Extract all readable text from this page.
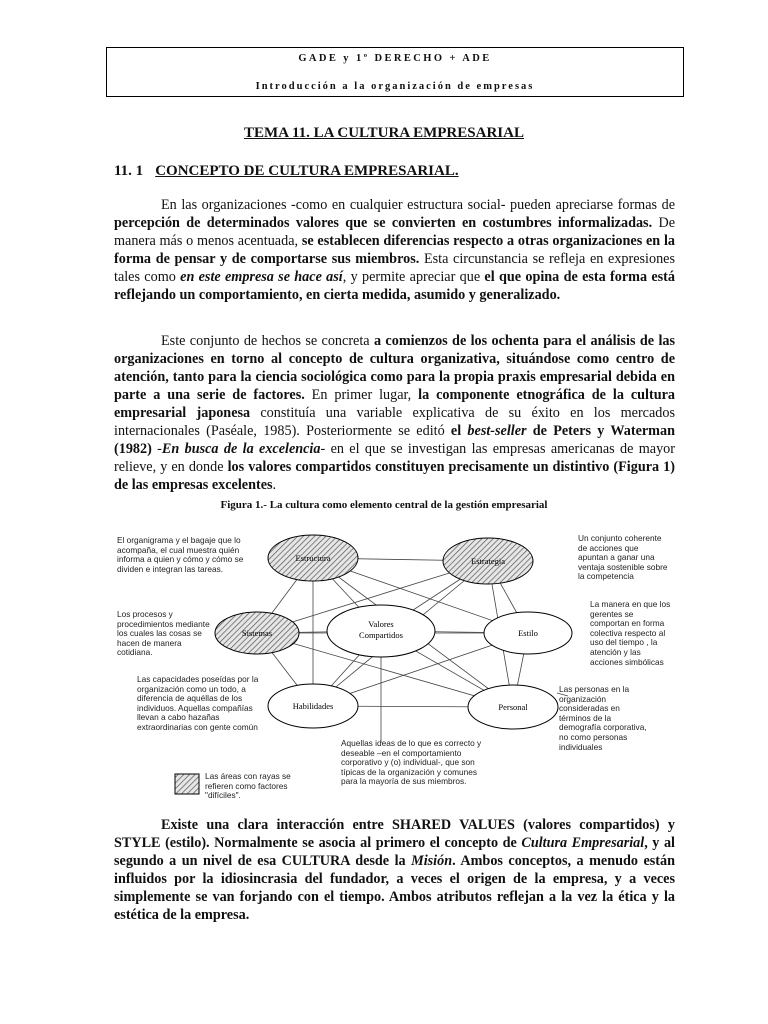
GADE y 1º DERECHO + ADE
Introducción a la organización de empresas
TEMA 11. LA CULTURA EMPRESARIAL
11. 1 CONCEPTO DE CULTURA EMPRESARIAL.

En las organizaciones -como en cualquier estructura social- pueden apreciarse formas de percepción de determinados valores que se convierten en costumbres informalizadas. De manera más o menos acentuada, se establecen diferencias respecto a otras organizaciones en la forma de pensar y de comportarse sus miembros. Esta circunstancia se refleja en expresiones tales como en este empresa se hace así, y permite apreciar que el que opina de esta forma está reflejando un comportamiento, en cierta medida, asumido y generalizado.

Este conjunto de hechos se concreta a comienzos de los ochenta para el análisis de las organizaciones en torno al concepto de cultura organizativa, situándose como centro de atención, tanto para la ciencia sociológica como para la propia praxis empresarial debida en parte a una serie de factores. En primer lugar, la componente etnográfica de la cultura empresarial japonesa constituía una variable explicativa de su éxito en los mercados internacionales (Paséale, 1985). Posteriormente se editó el best-seller de Peters y Waterman (1982) -En busca de la excelencia- en el que se investigan las empresas americanas de mayor relieve, y en donde los valores compartidos constituyen precisamente un distintivo (Figura 1) de las empresas excelentes.

Figura 1.- La cultura como elemento central de la gestión empresarial
Estructura	Estrategia
Sistemas
Valores
Compartidos	Estilo
Habilidades	Personal
El organigrama y el bagaje que lo acompaña, el cual muestra quién informa a quien y cómo y cómo se dividen e integran las tareas.
Un conjunto coherente de acciones que apuntan a ganar una ventaja sostenible sobre la competencia
Los procesos y procedimientos mediante los cuales las cosas se hacen de manera cotidiana.
La manera en que los gerentes se comportan en forma colectiva respecto al uso del tiempo , la atención y las acciones simbólicas
Las capacidades poseídas por la organización como un todo, a diferencia de aquéllas de los individuos. Aquellas compañías llevan a cabo hazañas extraordinarias con gente común
Las personas en la organización consideradas en términos de la demografía corporativa, no como personas individuales
Aquellas ideas de lo que es correcto y deseable –en el comportamiento corporativo y (o) individual-, que son típicas de la organización y comunes para la mayoría de sus miembros.
Las áreas con rayas se refieren como factores "difíciles".

Existe una clara interacción entre SHARED VALUES (valores compartidos) y STYLE (estilo). Normalmente se asocia al primero el concepto de Cultura Empresarial, y al segundo a un nivel de esa CULTURA desde la Misión. Ambos conceptos, a menudo están influidos por la idiosincrasia del fundador, a veces el origen de la empresa, y a veces simplemente se van forjando con el tiempo. Ambos atributos reflejan a la vez la ética y la estética de la empresa.
